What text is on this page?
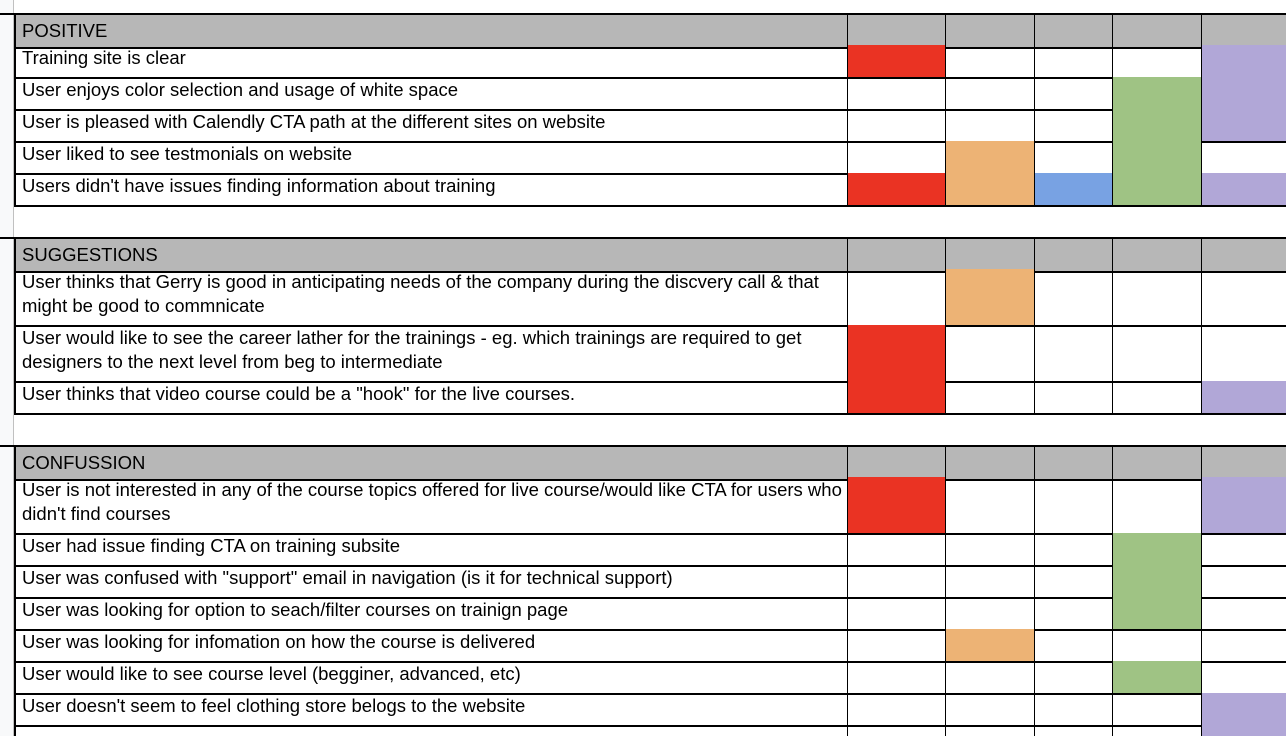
POSITIVE
Training site is clear
User enjoys color selection and usage of white space
User is pleased with Calendly CTA path at the different sites on website
User liked to see testmonials on website
Users didn't have issues finding information about training
SUGGESTIONS
User thinks that Gerry is good in anticipating needs of the company during the discvery call & that might be good to commnicate
User would like to see the career lather for the trainings - eg. which trainings are required to get designers to the next level from beg to intermediate
User thinks that video course could be a "hook" for the live courses.
CONFUSSION
User is not interested in any of the course topics offered for live course/would like CTA for users who didn't find courses
User had issue finding CTA on training subsite
User was confused with "support" email in navigation (is it for technical support)
User was looking for option to seach/filter courses on trainign page
User was looking for infomation on how the course is delivered
User would like to see course level (begginer, advanced, etc)
User doesn't seem to feel clothing store belogs to the website
